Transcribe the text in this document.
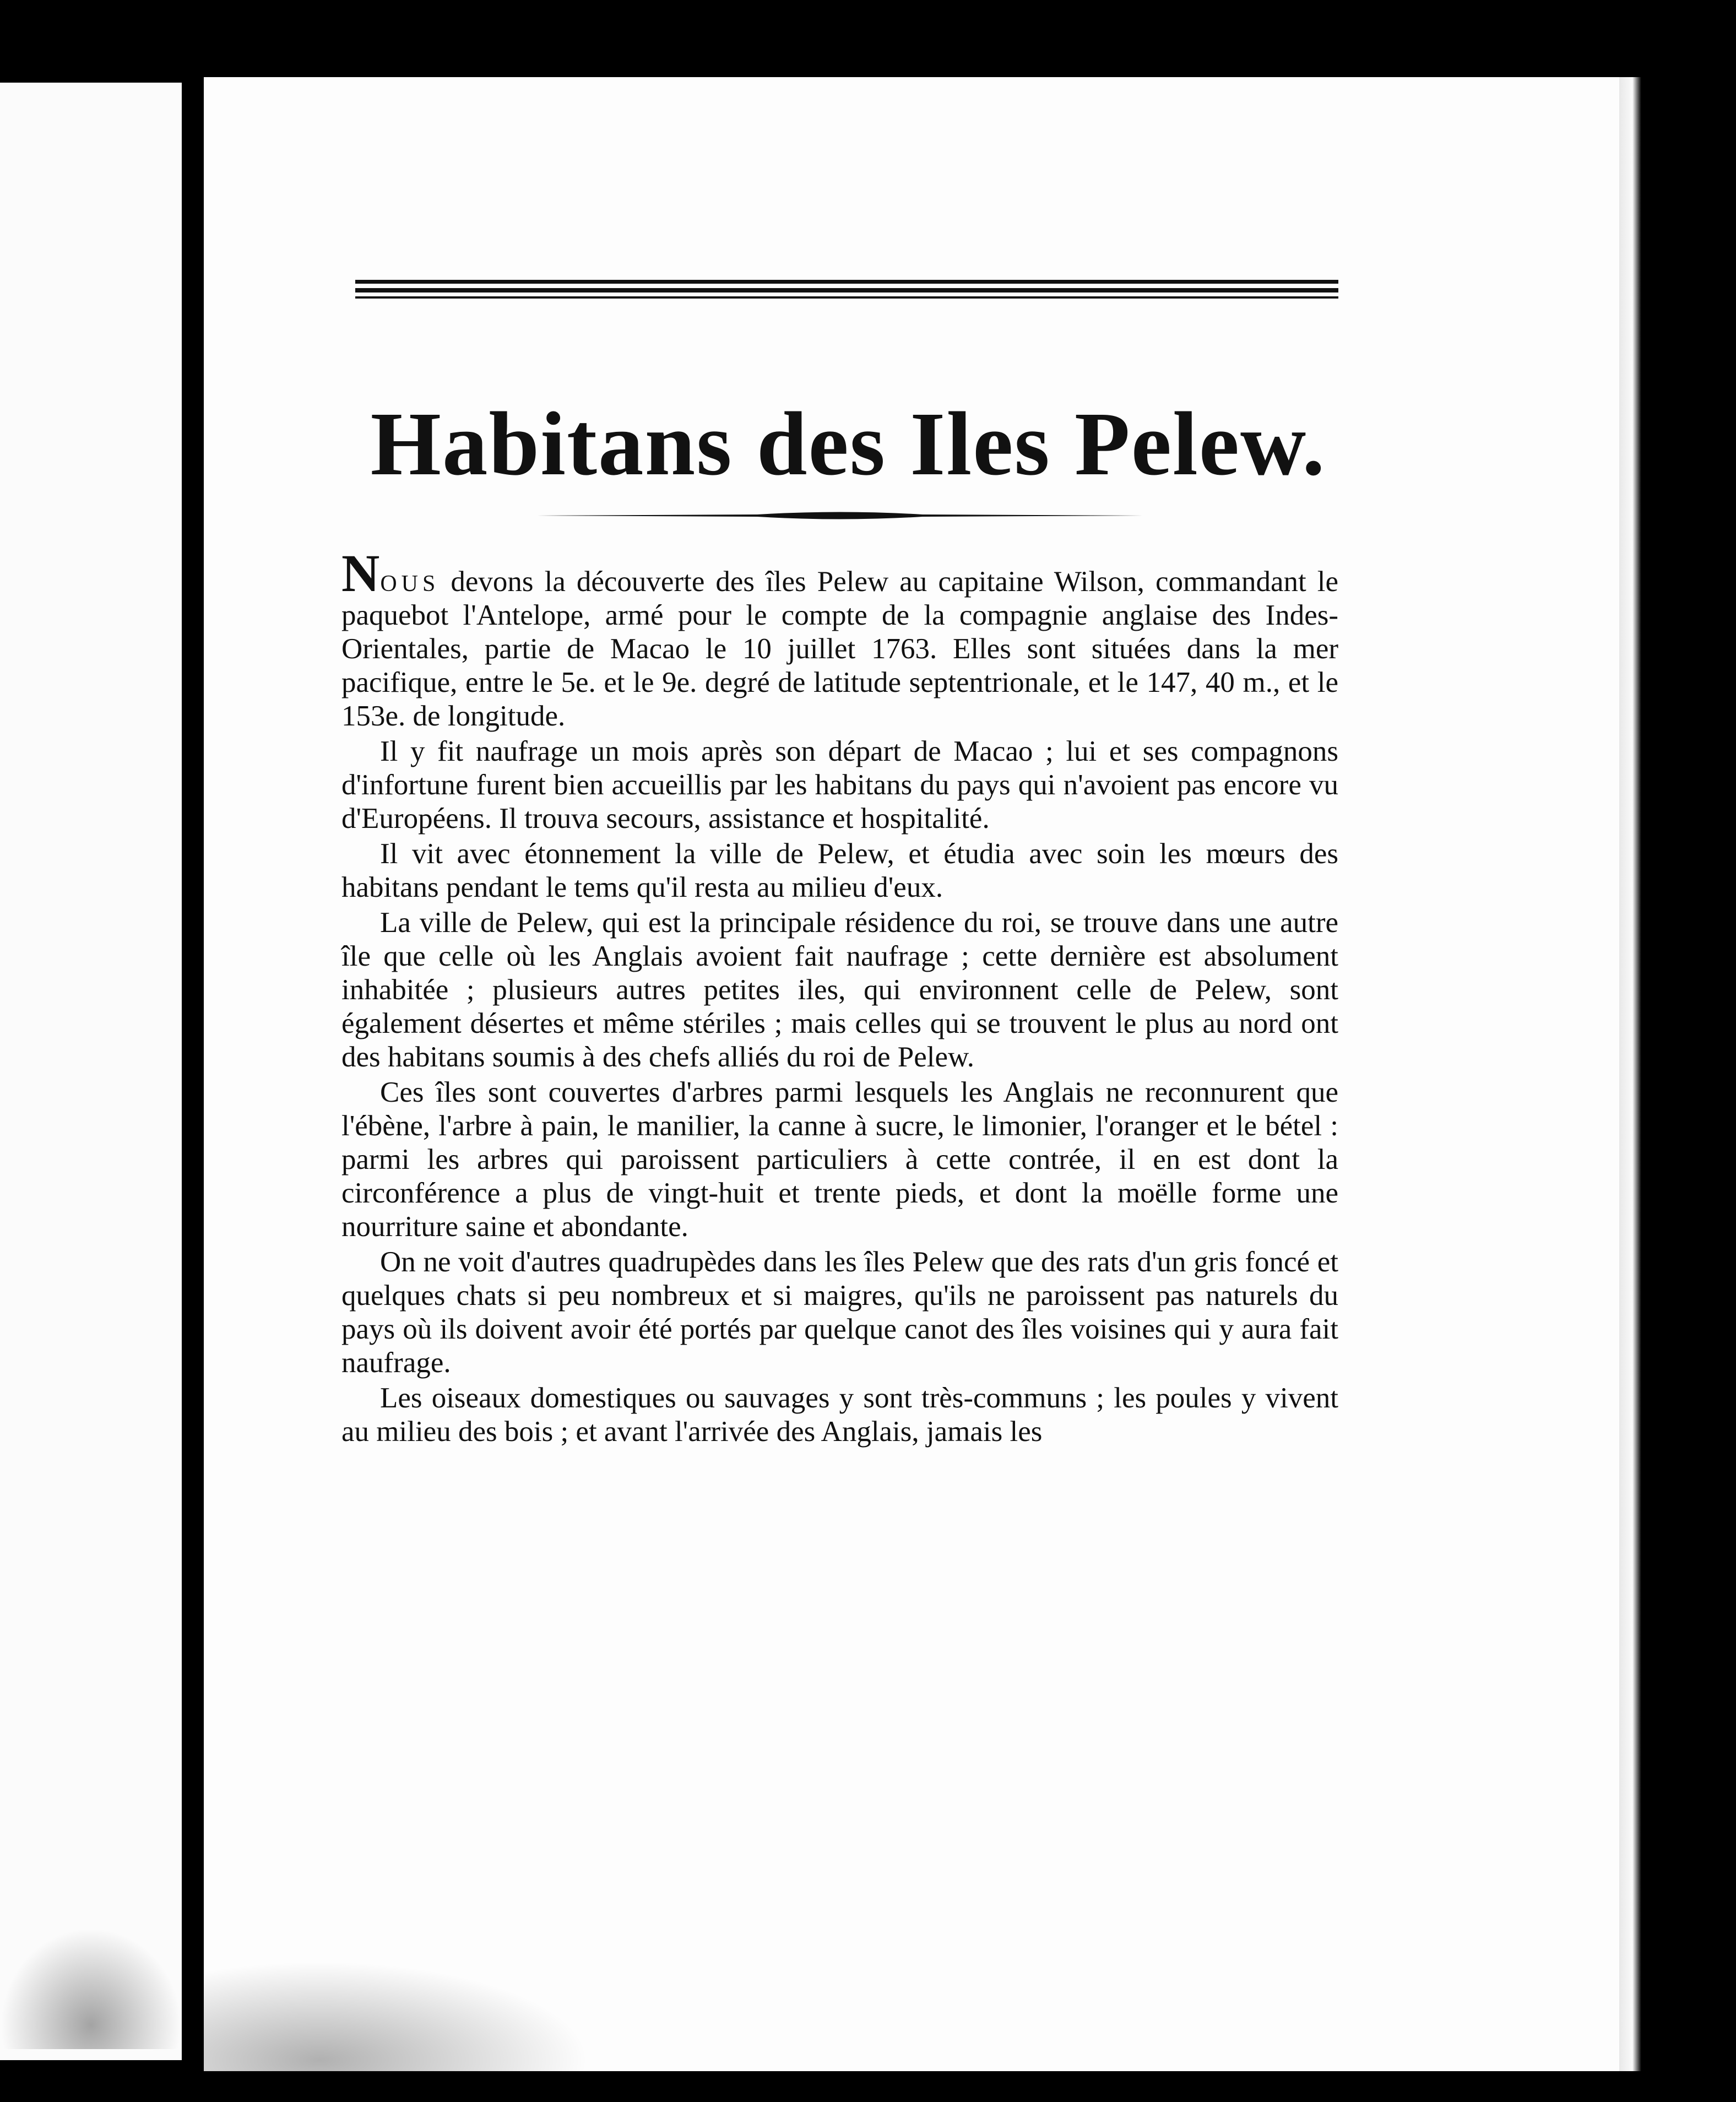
Habitans des Iles Pelew.

Nous devons la découverte des îles Pelew au capitaine Wilson, commandant le paquebot l'Antelope, armé pour le compte de la compagnie anglaise des Indes-Orientales, partie de Macao le 10 juillet 1763. Elles sont situées dans la mer pacifique, entre le 5e. et le 9e. degré de latitude septentrionale, et le 147, 40 m., et le 153e. de longitude.

Il y fit naufrage un mois après son départ de Macao ; lui et ses compagnons d'infortune furent bien accueillis par les habitans du pays qui n'avoient pas encore vu d'Européens. Il trouva secours, assistance et hospitalité.

Il vit avec étonnement la ville de Pelew, et étudia avec soin les mœurs des habitans pendant le tems qu'il resta au milieu d'eux.

La ville de Pelew, qui est la principale résidence du roi, se trouve dans une autre île que celle où les Anglais avoient fait naufrage ; cette dernière est absolument inhabitée ; plusieurs autres petites iles, qui environnent celle de Pelew, sont également désertes et même stériles ; mais celles qui se trouvent le plus au nord ont des habitans soumis à des chefs alliés du roi de Pelew.

Ces îles sont couvertes d'arbres parmi lesquels les Anglais ne reconnurent que l'ébène, l'arbre à pain, le manilier, la canne à sucre, le limonier, l'oranger et le bétel : parmi les arbres qui paroissent particuliers à cette contrée, il en est dont la circonférence a plus de vingt-huit et trente pieds, et dont la moëlle forme une nourriture saine et abondante.

On ne voit d'autres quadrupèdes dans les îles Pelew que des rats d'un gris foncé et quelques chats si peu nombreux et si maigres, qu'ils ne paroissent pas naturels du pays où ils doivent avoir été portés par quelque canot des îles voisines qui y aura fait naufrage.

Les oiseaux domestiques ou sauvages y sont très-communs ; les poules y vivent au milieu des bois ; et avant l'arrivée des Anglais, jamais les
